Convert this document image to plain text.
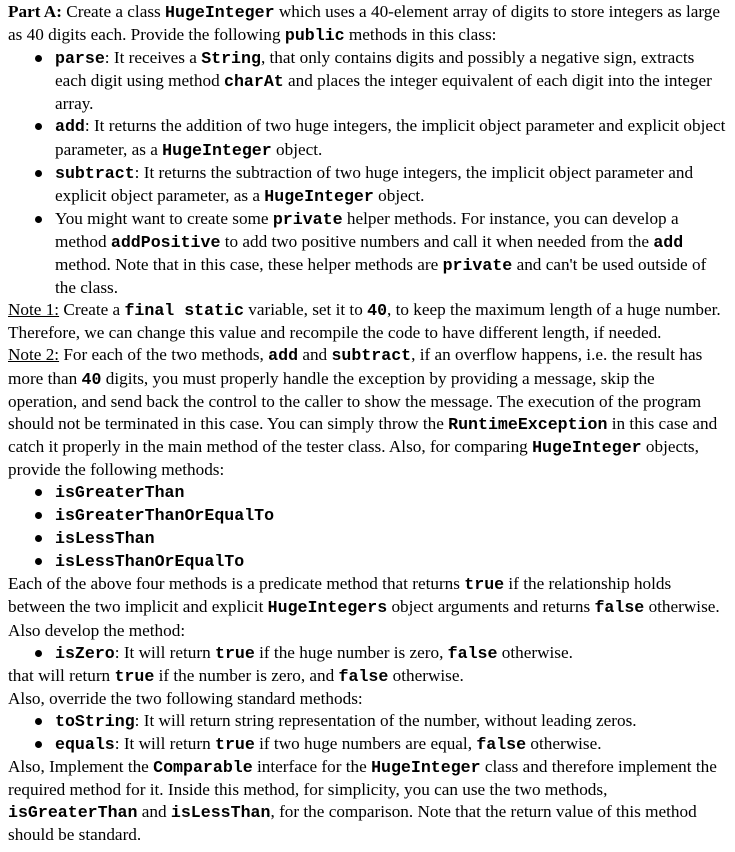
Part A: Create a class HugeInteger which uses a 40-element array of digits to store integers as large as 40 digits each. Provide the following public methods in this class:

parse: It receives a String, that only contains digits and possibly a negative sign, extracts each digit using method charAt and places the integer equivalent of each digit into the integer array.
add: It returns the addition of two huge integers, the implicit object parameter and explicit object parameter, as a HugeInteger object.
subtract: It returns the subtraction of two huge integers, the implicit object parameter and explicit object parameter, as a HugeInteger object.
You might want to create some private helper methods. For instance, you can develop a method addPositive to add two positive numbers and call it when needed from the add method. Note that in this case, these helper methods are private and can't be used outside of the class.

Note 1: Create a final static variable, set it to 40, to keep the maximum length of a huge number. Therefore, we can change this value and recompile the code to have different length, if needed.

Note 2: For each of the two methods, add and subtract, if an overflow happens, i.e. the result has more than 40 digits, you must properly handle the exception by providing a message, skip the operation, and send back the control to the caller to show the message. The execution of the program should not be terminated in this case. You can simply throw the RuntimeException in this case and catch it properly in the main method of the tester class. Also, for comparing HugeInteger objects, provide the following methods:

isGreaterThan
isGreaterThanOrEqualTo
isLessThan
isLessThanOrEqualTo

Each of the above four methods is a predicate method that returns true if the relationship holds between the two implicit and explicit HugeIntegers object arguments and returns false otherwise. Also develop the method:

isZero: It will return true if the huge number is zero, false otherwise.

that will return true if the number is zero, and false otherwise.

Also, override the two following standard methods:

toString: It will return string representation of the number, without leading zeros.
equals: It will return true if two huge numbers are equal, false otherwise.

Also, Implement the Comparable interface for the HugeInteger class and therefore implement the required method for it. Inside this method, for simplicity, you can use the two methods, isGreaterThan and isLessThan, for the comparison. Note that the return value of this method should be standard.
